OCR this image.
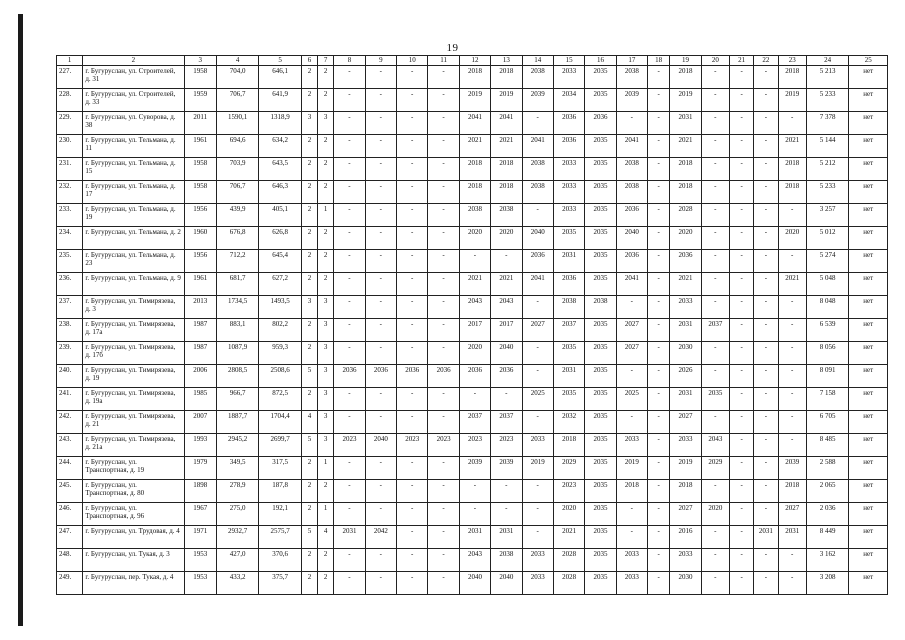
19
1	2	3	4	5	6	7	8	9	10	11	12	13	14	15	16	17	18	19	20	21	22	23	24	25
227.	г. Бугуруслан, ул. Строителей, д. 31	1958	704,0	646,1	2	2	-	-	-	-	2018	2018	2038	2033	2035	2038	-	2018	-	-	-	2018	5 213	нет
228.	г. Бугуруслан, ул. Строителей, д. 33	1959	706,7	641,9	2	2	-	-	-	-	2019	2019	2039	2034	2035	2039	-	2019	-	-	-	2019	5 233	нет
229.	г. Бугуруслан, ул. Суворова, д. 38	2011	1590,1	1318,9	3	3	-	-	-	-	2041	2041	-	2036	2036	-	-	2031	-	-	-	-	7 378	нет
230.	г. Бугуруслан, ул. Тельмана, д. 11	1961	694,6	634,2	2	2	-	-	-	-	2021	2021	2041	2036	2035	2041	-	2021	-	-	-	2021	5 144	нет
231.	г. Бугуруслан, ул. Тельмана, д. 15	1958	703,9	643,5	2	2	-	-	-	-	2018	2018	2038	2033	2035	2038	-	2018	-	-	-	2018	5 212	нет
232.	г. Бугуруслан, ул. Тельмана, д. 17	1958	706,7	646,3	2	2	-	-	-	-	2018	2018	2038	2033	2035	2038	-	2018	-	-	-	2018	5 233	нет
233.	г. Бугуруслан, ул. Тельмана, д. 19	1956	439,9	405,1	2	1	-	-	-	-	2038	2038	-	2033	2035	2036	-	2028	-	-	-	-	3 257	нет
234.	г. Бугуруслан, ул. Тельмана, д. 2	1960	676,8	626,8	2	2	-	-	-	-	2020	2020	2040	2035	2035	2040	-	2020	-	-	-	2020	5 012	нет
235.	г. Бугуруслан, ул. Тельмана, д. 23	1956	712,2	645,4	2	2	-	-	-	-	-	-	2036	2031	2035	2036	-	2036	-	-	-	-	5 274	нет
236.	г. Бугуруслан, ул. Тельмана, д. 9	1961	681,7	627,2	2	2	-	-	-	-	2021	2021	2041	2036	2035	2041	-	2021	-	-	-	2021	5 048	нет
237.	г. Бугуруслан, ул. Тимирязева, д. 3	2013	1734,5	1493,5	3	3	-	-	-	-	2043	2043	-	2038	2038	-	-	2033	-	-	-	-	8 048	нет
238.	г. Бугуруслан, ул. Тимирязева, д. 17а	1987	883,1	802,2	2	3	-	-	-	-	2017	2017	2027	2037	2035	2027	-	2031	2037	-	-	-	6 539	нет
239.	г. Бугуруслан, ул. Тимирязева, д. 17б	1987	1087,9	959,3	2	3	-	-	-	-	2020	2040	-	2035	2035	2027	-	2030	-	-	-	-	8 056	нет
240.	г. Бугуруслан, ул. Тимирязева, д. 19	2006	2808,5	2508,6	5	3	2036	2036	2036	2036	2036	2036	-	2031	2035	-	-	2026	-	-	-	-	8 091	нет
241.	г. Бугуруслан, ул. Тимирязева, д. 19а	1985	966,7	872,5	2	3	-	-	-	-	-	-	2025	2035	2035	2025	-	2031	2035	-	-	-	7 158	нет
242.	г. Бугуруслан, ул. Тимирязева, д. 21	2007	1887,7	1704,4	4	3	-	-	-	-	2037	2037	-	2032	2035	-	-	2027	-	-	-	-	6 705	нет
243.	г. Бугуруслан, ул. Тимирязева, д. 21а	1993	2945,2	2699,7	5	3	2023	2040	2023	2023	2023	2023	2033	2018	2035	2033	-	2033	2043	-	-	-	8 485	нет
244.	г. Бугуруслан, ул. Транспортная, д. 19	1979	349,5	317,5	2	1	-	-	-	-	2039	2039	2019	2029	2035	2019	-	2019	2029	-	-	2039	2 588	нет
245.	г. Бугуруслан, ул. Транспортная, д. 80	1898	278,9	187,8	2	2	-	-	-	-	-	-	-	2023	2035	2018	-	2018	-	-	-	2018	2 065	нет
246.	г. Бугуруслан, ул. Транспортная, д. 96	1967	275,0	192,1	2	1	-	-	-	-	-	-	-	2020	2035	-	-	2027	2020	-	-	2027	2 036	нет
247.	г. Бугуруслан, ул. Трудовая, д. 4	1971	2932,7	2575,7	5	4	2031	2042	-	-	2031	2031	-	2021	2035	-	-	2016	-	-	2031	2031	8 449	нет
248.	г. Бугуруслан, ул. Тукая, д. 3	1953	427,0	370,6	2	2	-	-	-	-	2043	2038	2033	2028	2035	2033	-	2033	-	-	-	-	3 162	нет
249.	г. Бугуруслан, пер. Тукая, д. 4	1953	433,2	375,7	2	2	-	-	-	-	2040	2040	2033	2028	2035	2033	-	2030	-	-	-	-	3 208	нет
